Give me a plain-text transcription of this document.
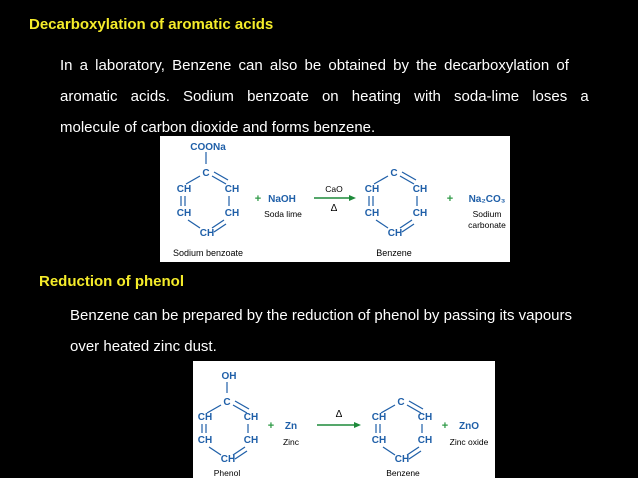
Decarboxylation of aromatic acids
In a laboratory, Benzene can also be obtained by the decarboxylation of
aromatic acids. Sodium benzoate on heating with soda-lime loses a
molecule of carbon dioxide and forms benzene.
COONa
C
CH	CH
CH	CH
CH
Sodium benzoate
+ NaOH
Soda lime
CaO
Δ
C
CH	CH
CH	CH
CH
Benzene
+ Na₂CO₃
Sodium
carbonate
Reduction of phenol
Benzene can be prepared by the reduction of phenol by passing its vapours
over heated zinc dust.
OH
C
CH	CH
CH	CH
CH
Phenol
+ Zn
Zinc
Δ
C
CH	CH
CH	CH
CH
Benzene
+ ZnO
Zinc oxide
